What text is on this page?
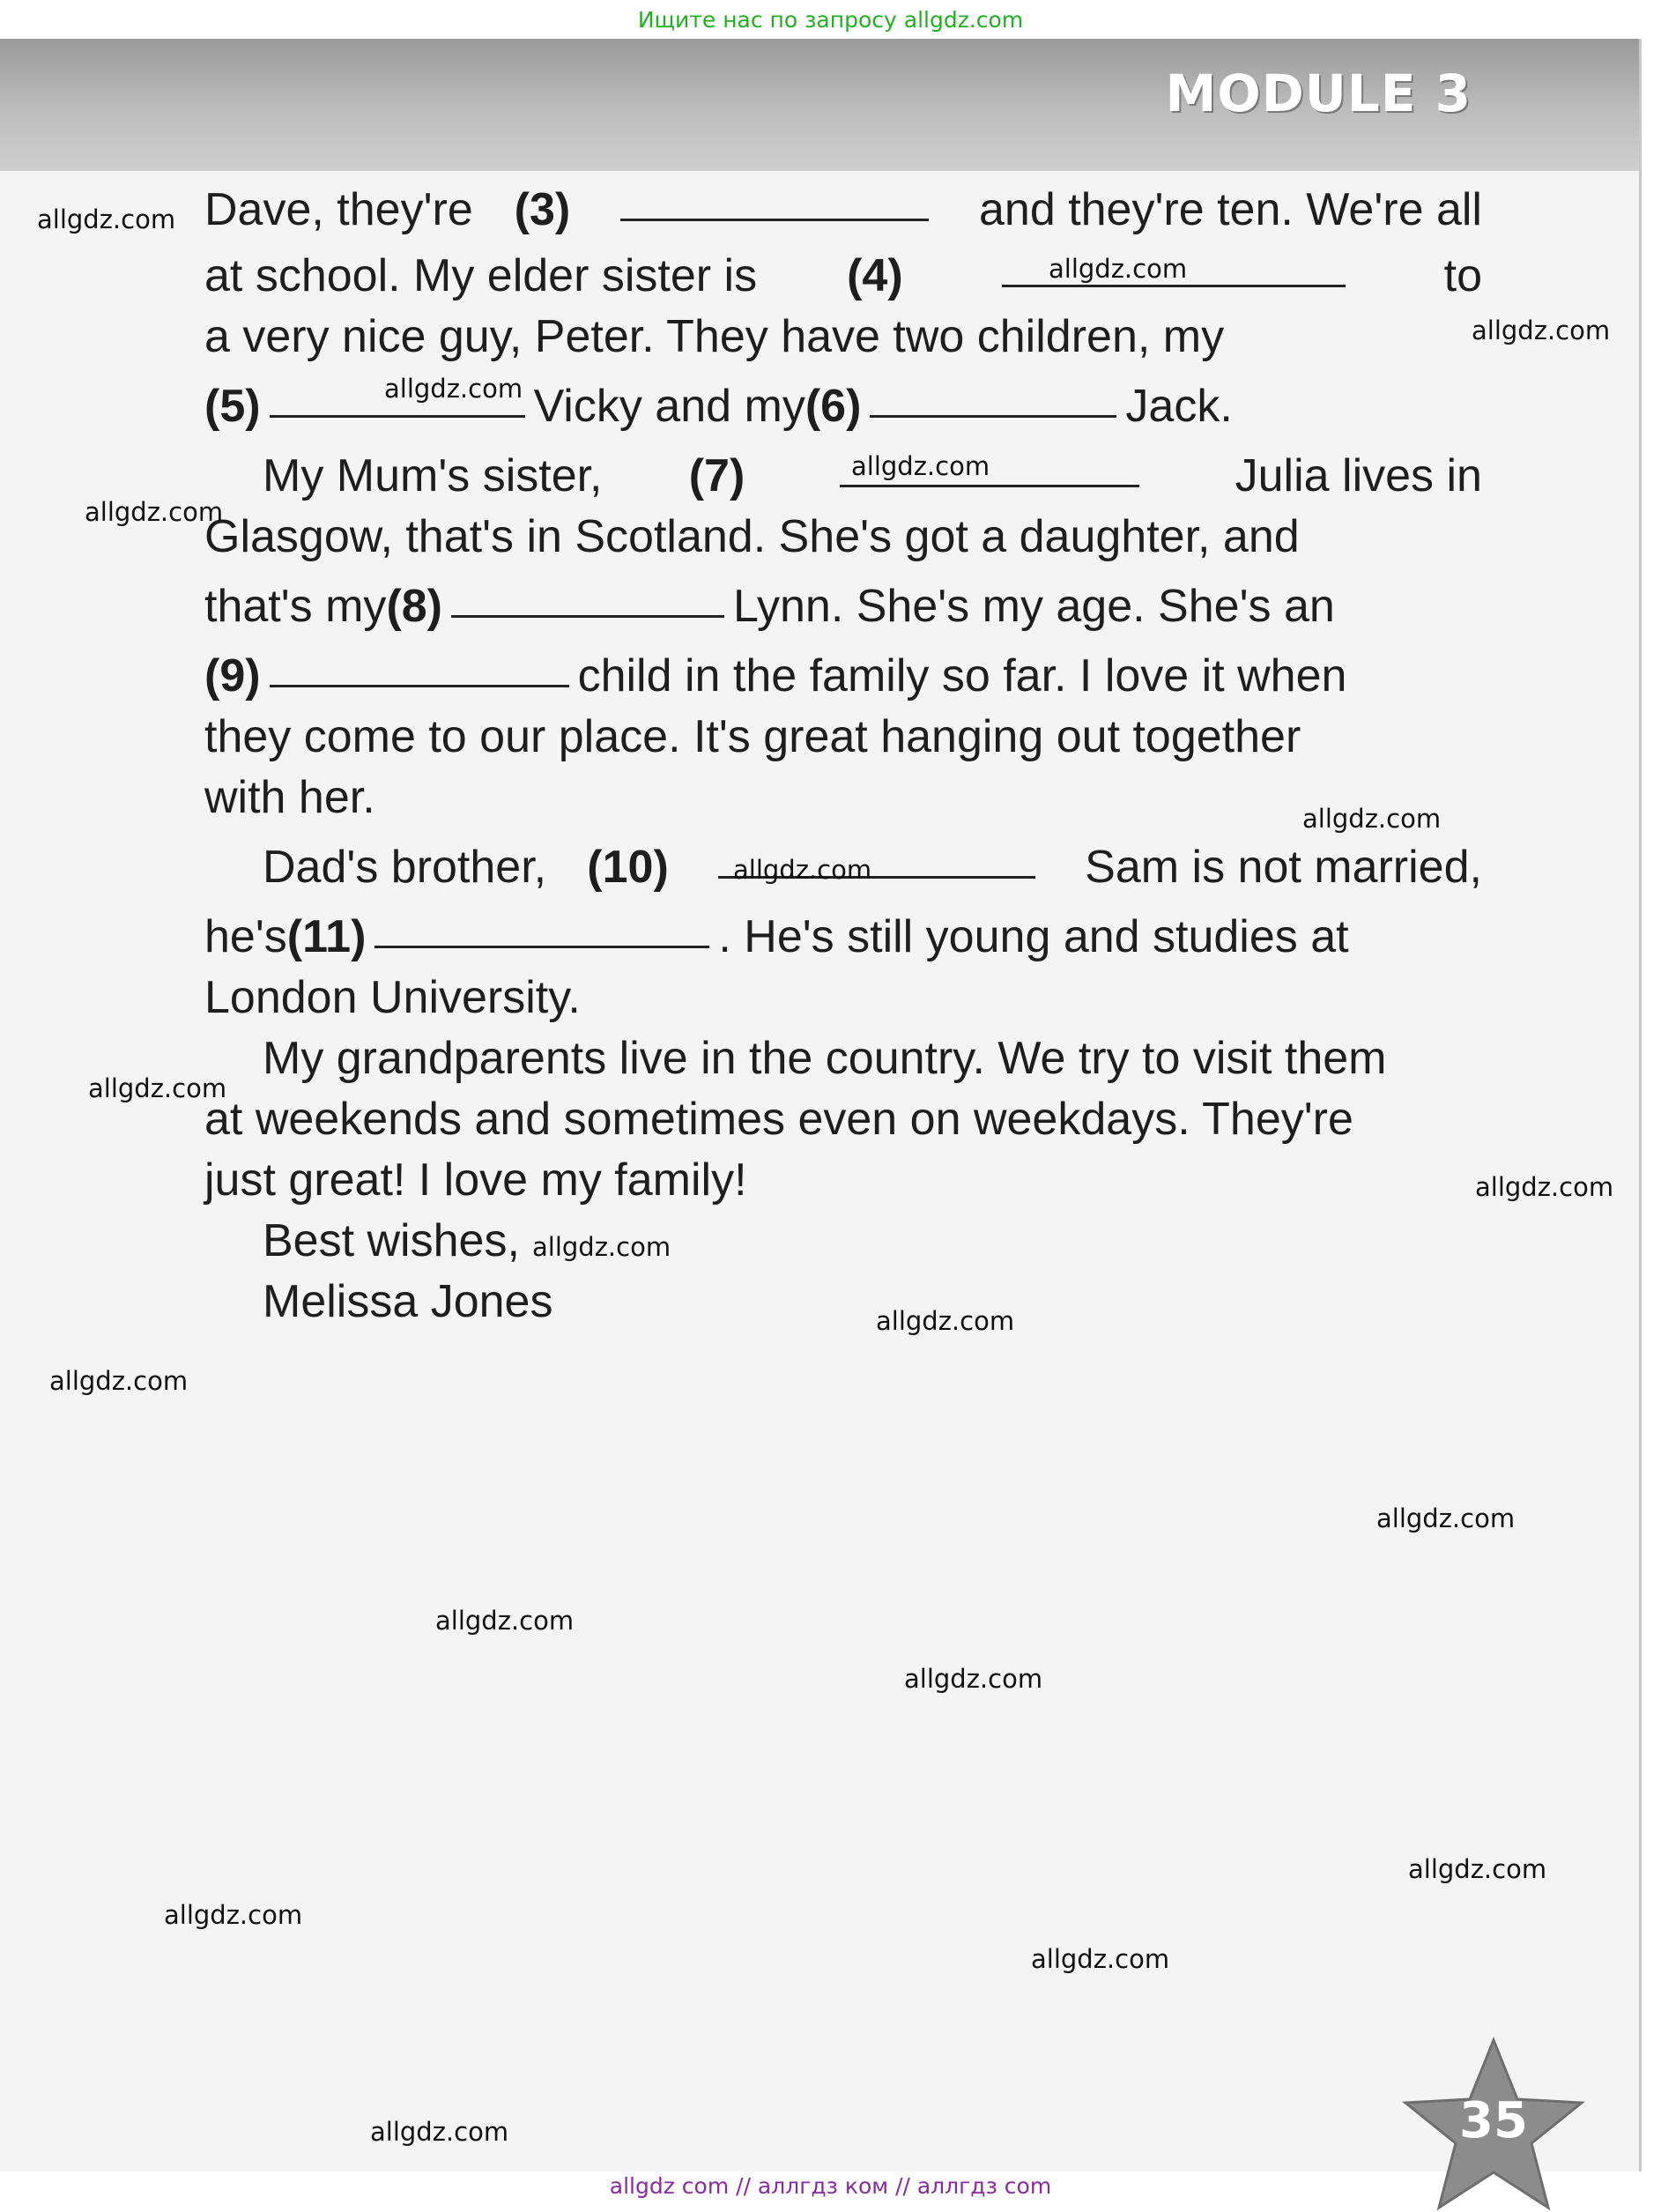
Ищите нас по запросу allgdz.com
MODULE 3
Dave, they're (3)	and they're ten. We're all
at school. My elder sister is (4)	to
a very nice guy, Peter. They have two children, my
(5)	Vicky and my (6)	Jack.
My Mum's sister, (7)	Julia lives in
Glasgow, that's in Scotland. She's got a daughter, and
that's my (8)	Lynn. She's my age. She's an
(9)	child in the family so far. I love it when
they come to our place. It's great hanging out together
with her.
Dad's brother, (10)	Sam is not married,
he's (11)	. He's still young and studies at
London University.
My grandparents live in the country. We try to visit them
at weekends and sometimes even on weekdays. They're
just great! I love my family!
Best wishes,
Melissa Jones
35
allgdz.com
allgdz.com
allgdz.com
allgdz.com
allgdz.com
allgdz.com
allgdz.com
allgdz.com
allgdz.com
allgdz.com
allgdz.com
allgdz.com
allgdz.com
allgdz.com
allgdz.com
allgdz.com
allgdz.com
allgdz.com
allgdz.com
allgdz.com
allgdz com // аллгдз ком // аллгдз com
